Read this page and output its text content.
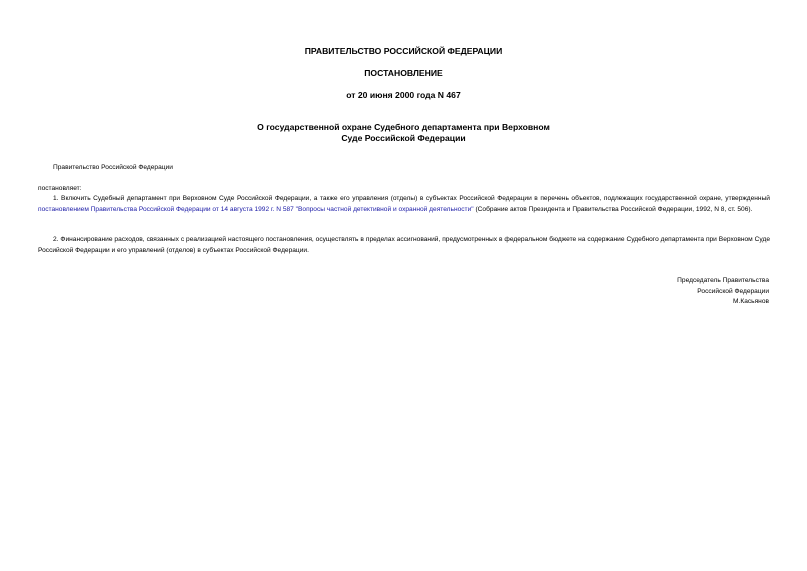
ПРАВИТЕЛЬСТВО РОССИЙСКОЙ ФЕДЕРАЦИИ
ПОСТАНОВЛЕНИЕ
от 20 июня 2000 года N 467
О государственной охране Судебного департамента при Верховном
Суде Российской Федерации
Правительство Российской Федерации
постановляет:
1. Включить Судебный департамент при Верховном Суде Российской Федерации, а также его управления (отделы) в субъектах Российской Федерации в перечень объектов, подлежащих государственной охране, утвержденный постановлением Правительства Российской Федерации от 14 августа 1992 г. N 587 "Вопросы частной детективной и охранной деятельности" (Собрание актов Президента и Правительства Российской Федерации, 1992, N 8, ст. 506).
2. Финансирование расходов, связанных с реализацией настоящего постановления, осуществлять в пределах ассигнований, предусмотренных в федеральном бюджете на содержание Судебного департамента при Верховном Суде Российской Федерации и его управлений (отделов) в субъектах Российской Федерации.
Председатель Правительства
Российской Федерации
М.Касьянов
